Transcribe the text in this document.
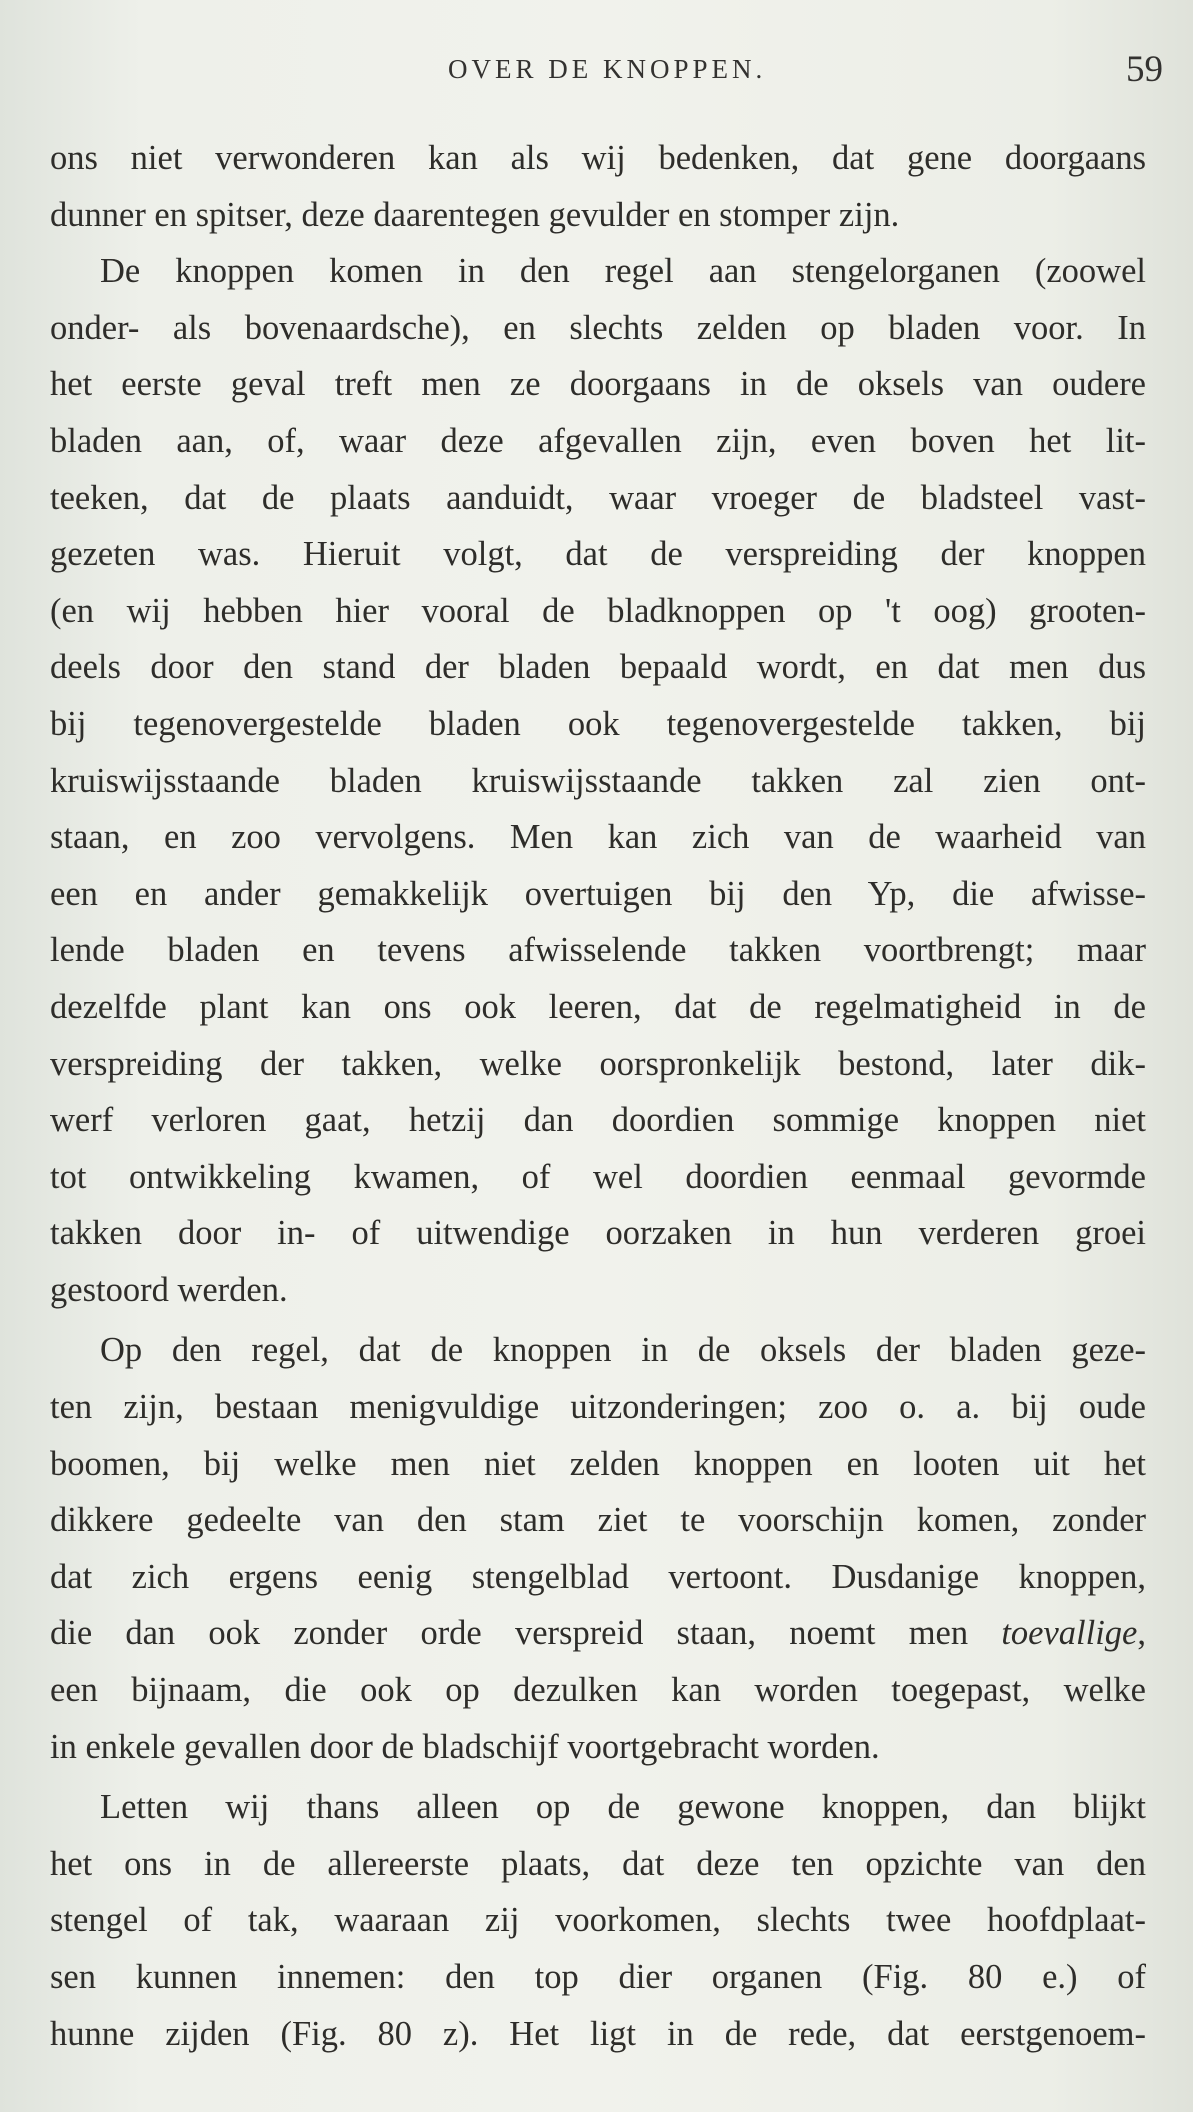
OVER DE KNOPPEN.	59
ons niet verwonderen kan als wij bedenken, dat gene doorgaans
dunner en spitser, deze daarentegen gevulder en stomper zijn.
De knoppen komen in den regel aan stengelorganen (zoowel
onder- als bovenaardsche), en slechts zelden op bladen voor. In
het eerste geval treft men ze doorgaans in de oksels van oudere
bladen aan, of, waar deze afgevallen zijn, even boven het lit-
teeken, dat de plaats aanduidt, waar vroeger de bladsteel vast-
gezeten was. Hieruit volgt, dat de verspreiding der knoppen
(en wij hebben hier vooral de bladknoppen op 't oog) grooten-
deels door den stand der bladen bepaald wordt, en dat men dus
bij tegenovergestelde bladen ook tegenovergestelde takken, bij
kruiswijsstaande bladen kruiswijsstaande takken zal zien ont-
staan, en zoo vervolgens. Men kan zich van de waarheid van
een en ander gemakkelijk overtuigen bij den Yp, die afwisse-
lende bladen en tevens afwisselende takken voortbrengt; maar
dezelfde plant kan ons ook leeren, dat de regelmatigheid in de
verspreiding der takken, welke oorspronkelijk bestond, later dik-
werf verloren gaat, hetzij dan doordien sommige knoppen niet
tot ontwikkeling kwamen, of wel doordien eenmaal gevormde
takken door in- of uitwendige oorzaken in hun verderen groei
gestoord werden.
Op den regel, dat de knoppen in de oksels der bladen geze-
ten zijn, bestaan menigvuldige uitzonderingen; zoo o. a. bij oude
boomen, bij welke men niet zelden knoppen en looten uit het
dikkere gedeelte van den stam ziet te voorschijn komen, zonder
dat zich ergens eenig stengelblad vertoont. Dusdanige knoppen,
die dan ook zonder orde verspreid staan, noemt men toevallige,
een bijnaam, die ook op dezulken kan worden toegepast, welke
in enkele gevallen door de bladschijf voortgebracht worden.
Letten wij thans alleen op de gewone knoppen, dan blijkt
het ons in de allereerste plaats, dat deze ten opzichte van den
stengel of tak, waaraan zij voorkomen, slechts twee hoofdplaat-
sen kunnen innemen: den top dier organen (Fig. 80 e.) of
hunne zijden (Fig. 80 z). Het ligt in de rede, dat eerstgenoem-
